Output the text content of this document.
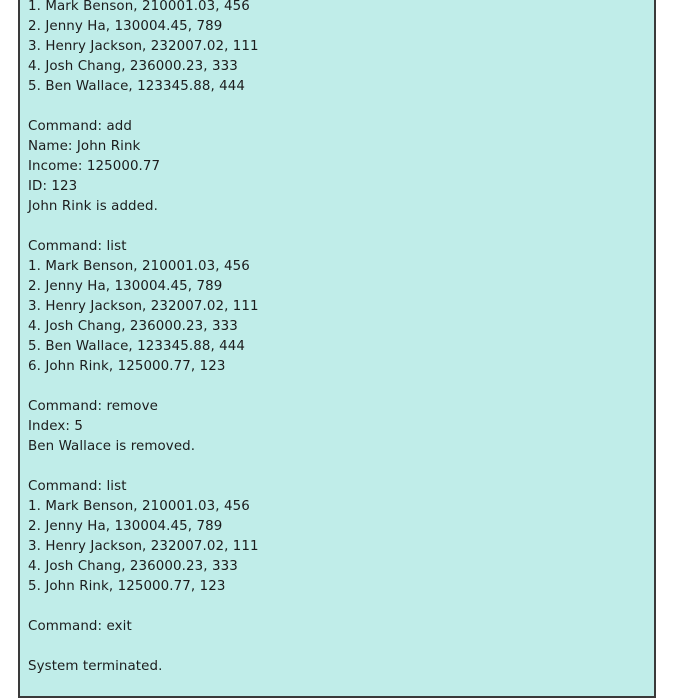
1. Mark Benson, 210001.03, 456
2. Jenny Ha, 130004.45, 789
3. Henry Jackson, 232007.02, 111
4. Josh Chang, 236000.23, 333
5. Ben Wallace, 123345.88, 444
Command: add
Name: John Rink
Income: 125000.77
ID: 123
John Rink is added.
Command: list
1. Mark Benson, 210001.03, 456
2. Jenny Ha, 130004.45, 789
3. Henry Jackson, 232007.02, 111
4. Josh Chang, 236000.23, 333
5. Ben Wallace, 123345.88, 444
6. John Rink, 125000.77, 123
Command: remove
Index: 5
Ben Wallace is removed.
Command: list
1. Mark Benson, 210001.03, 456
2. Jenny Ha, 130004.45, 789
3. Henry Jackson, 232007.02, 111
4. Josh Chang, 236000.23, 333
5. John Rink, 125000.77, 123
Command: exit
System terminated.
